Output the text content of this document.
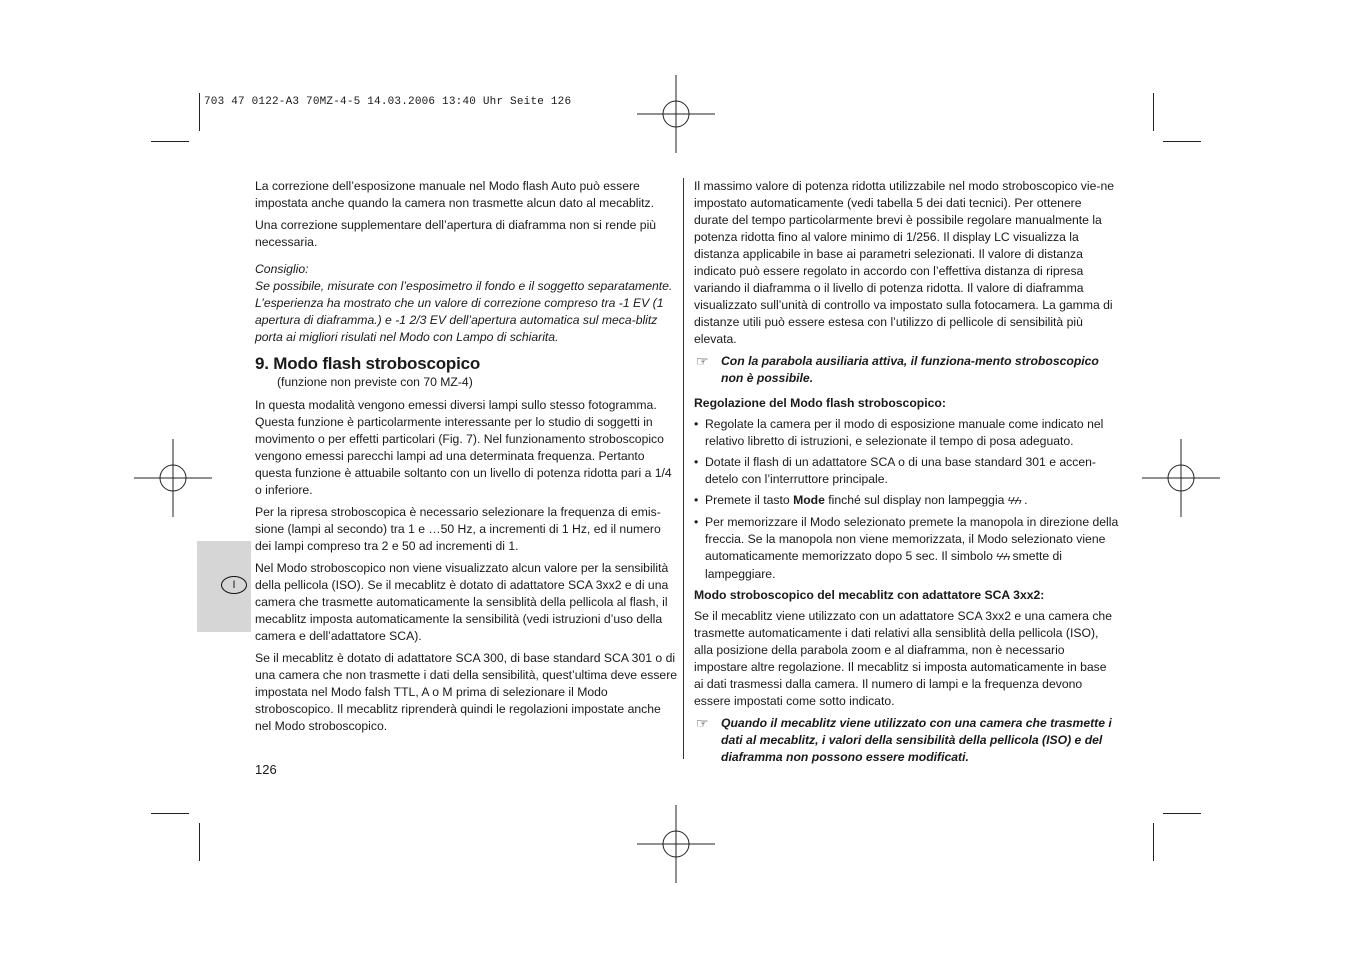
703 47 0122-A3 70MZ-4-5 14.03.2006 13:40 Uhr Seite 126
I

La correzione dell’esposizone manuale nel Modo flash Auto può essere impostata anche quando la camera non trasmette alcun dato al mecablitz.

Una correzione supplementare dell’apertura di diaframma non si rende più necessaria.

Consiglio:

Se possibile, misurate con l’esposimetro il fondo e il soggetto separatamente. L’esperienza ha mostrato che un valore di correzione compreso tra -1 EV (1 apertura di diaframma.) e -1 2/3 EV dell’apertura automatica sul meca-blitz porta ai migliori risulati nel Modo con Lampo di schiarita.

9. Modo flash stroboscopico

(funzione non previste con 70 MZ-4)

In questa modalità vengono emessi diversi lampi sullo stesso fotogramma. Questa funzione è particolarmente interessante per lo studio di soggetti in movimento o per effetti particolari (Fig. 7). Nel funzionamento stroboscopico vengono emessi parecchi lampi ad una determinata frequenza. Pertanto questa funzione è attuabile soltanto con un livello di potenza ridotta pari a 1/4 o inferiore.

Per la ripresa stroboscopica è necessario selezionare la frequenza di emis-sione (lampi al secondo) tra 1 e …50 Hz, a incrementi di 1 Hz, ed il numero dei lampi compreso tra 2 e 50 ad incrementi di 1.

Nel Modo stroboscopico non viene visualizzato alcun valore per la sensibilità della pellicola (ISO). Se il mecablitz è dotato di adattatore SCA 3xx2 e di una camera che trasmette automaticamente la sensiblità della pellicola al flash, il mecablitz imposta automaticamente la sensibilità (vedi istruzioni d’uso della camera e dell’adattatore SCA).

Se il mecablitz è dotato di adattatore SCA 300, di base standard SCA 301 o di una camera che non trasmette i dati della sensibilità, quest’ultima deve essere impostata nel Modo falsh TTL, A o M prima di selezionare il Modo stroboscopico. Il mecablitz riprenderà quindi le regolazioni impostate anche nel Modo stroboscopico.

126

Il massimo valore di potenza ridotta utilizzabile nel modo stroboscopico vie-ne impostato automaticamente (vedi tabella 5 dei dati tecnici). Per ottenere durate del tempo particolarmente brevi è possibile regolare manualmente la potenza ridotta fino al valore minimo di 1/256. Il display LC visualizza la distanza applicabile in base ai parametri selezionati. Il valore di distanza indicato può essere regolato in accordo con l’effettiva distanza di ripresa variando il diaframma o il livello di potenza ridotta. Il valore di diaframma visualizzato sull’unità di controllo va impostato sulla fotocamera. La gamma di distanze utili può essere estesa con l’utilizzo di pellicole di sensibilità più elevata.

☞ Con la parabola ausiliaria attiva, il funziona-mento stroboscopico non è possibile.
Regolazione del Modo flash stroboscopico:
• Regolate la camera per il modo di esposizione manuale come indicato nel relativo libretto di istruzioni, e selezionate il tempo di posa adeguato.
• Dotate il flash di un adattatore SCA o di una base standard 301 e accen-detelo con l’interruttore principale.
• Premete il tasto Mode finché sul display non lampeggia ϟϟϟ .
• Per memorizzare il Modo selezionato premete la manopola in direzione della freccia. Se la manopola non viene memorizzata, il Modo selezionato viene automaticamente memorizzato dopo 5 sec. Il simbolo ϟϟϟ smette di lampeggiare.
Modo stroboscopico del mecablitz con adattatore SCA 3xx2:

Se il mecablitz viene utilizzato con un adattatore SCA 3xx2 e una camera che trasmette automaticamente i dati relativi alla sensiblità della pellicola (ISO), alla posizione della parabola zoom e al diaframma, non è necessario impostare altre regolazione. Il mecablitz si imposta automaticamente in base ai dati trasmessi dalla camera. Il numero di lampi e la frequenza devono essere impostati come sotto indicato.

☞ Quando il mecablitz viene utilizzato con una camera che trasmette i dati al mecablitz, i valori della sensibilità della pellicola (ISO) e del diaframma non possono essere modificati.
